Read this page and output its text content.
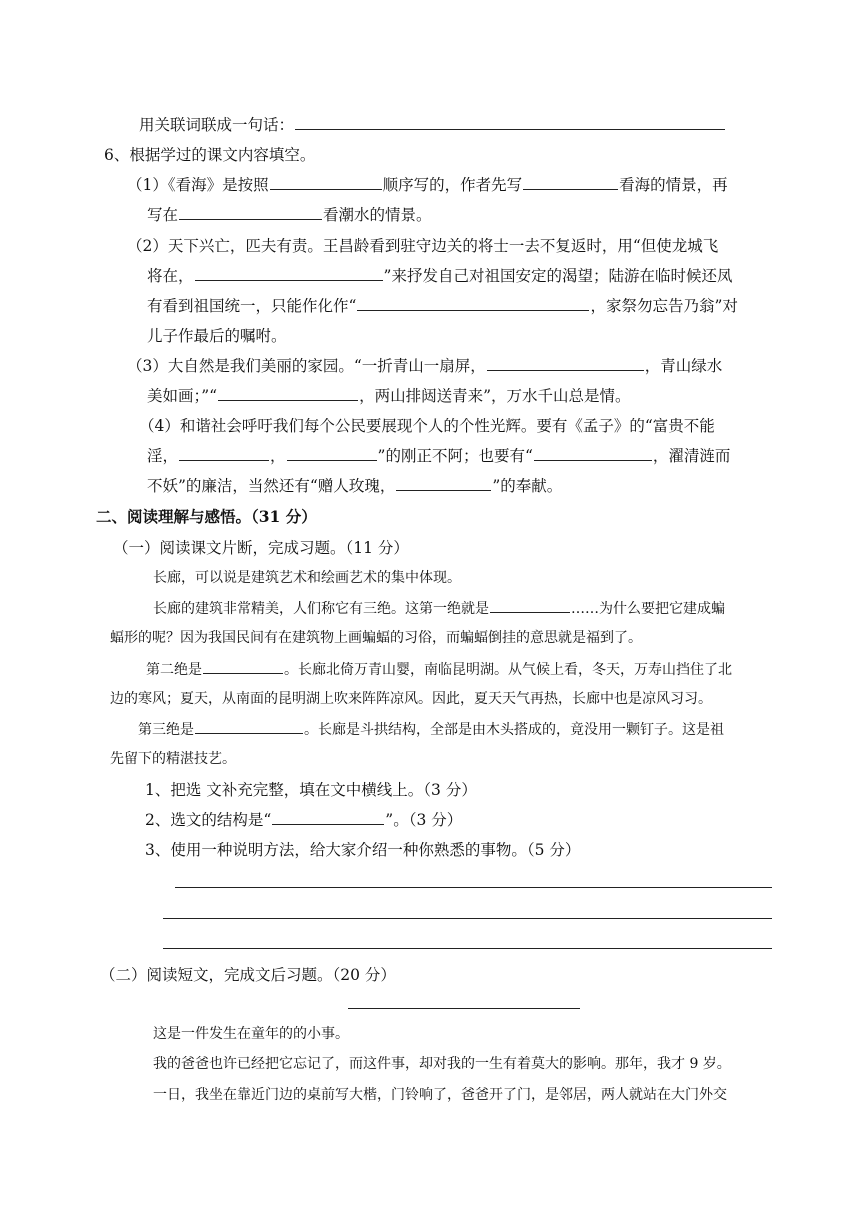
用关联词联成一句话：
6、根据学过的课文内容填空。
（1）《看海》是按照	顺序写的，作者先写	看海的情景，再
写在	看潮水的情景。
（2）天下兴亡，匹夫有责。王昌龄看到驻守边关的将士一去不复返时，用“但使龙城飞
将在，	”来抒发自己对祖国安定的渴望；陆游在临时候还凤
有看到祖国统一，只能作化作“	，家祭勿忘告乃翁”对
儿子作最后的嘱咐。
（3）大自然是我们美丽的家园。“一折青山一扇屏，	，青山绿水
美如画；”“	，两山排闼送青来”，万水千山总是情。
（4）和谐社会呼吁我们每个公民要展现个人的个性光辉。要有《孟子》的“富贵不能
淫，	，	”的刚正不阿；也要有“	，濯清涟而
不妖”的廉洁，当然还有“赠人玫瑰，	”的奉献。
二、阅读理解与感悟。（31 分）
（一）阅读课文片断，完成习题。（11 分）
长廊，可以说是建筑艺术和绘画艺术的集中体现。
长廊的建筑非常精美，人们称它有三绝。这第一绝就是	……为什么要把它建成蝙
蝠形的呢？因为我国民间有在建筑物上画蝙蝠的习俗，而蝙蝠倒挂的意思就是福到了。
第二绝是	。长廊北倚万青山婴，南临昆明湖。从气候上看，冬天，万寿山挡住了北
边的寒风；夏天，从南面的昆明湖上吹来阵阵凉风。因此，夏天天气再热，长廊中也是凉风习习。
第三绝是	。长廊是斗拱结构，全部是由木头搭成的，竟没用一颗钉子。这是祖
先留下的精湛技艺。
1、把选 文补充完整，填在文中横线上。（3 分）
2、选文的结构是“	”。（3 分）
3、使用一种说明方法，给大家介绍一种你熟悉的事物。（5 分）
（二）阅读短文，完成文后习题。（20 分）
这是一件发生在童年的的小事。
我的爸爸也许已经把它忘记了，而这件事，却对我的一生有着莫大的影响。那年，我才 9 岁。
一日，我坐在靠近门边的桌前写大楷，门铃响了，爸爸开了门，是邻居，两人就站在大门外交
